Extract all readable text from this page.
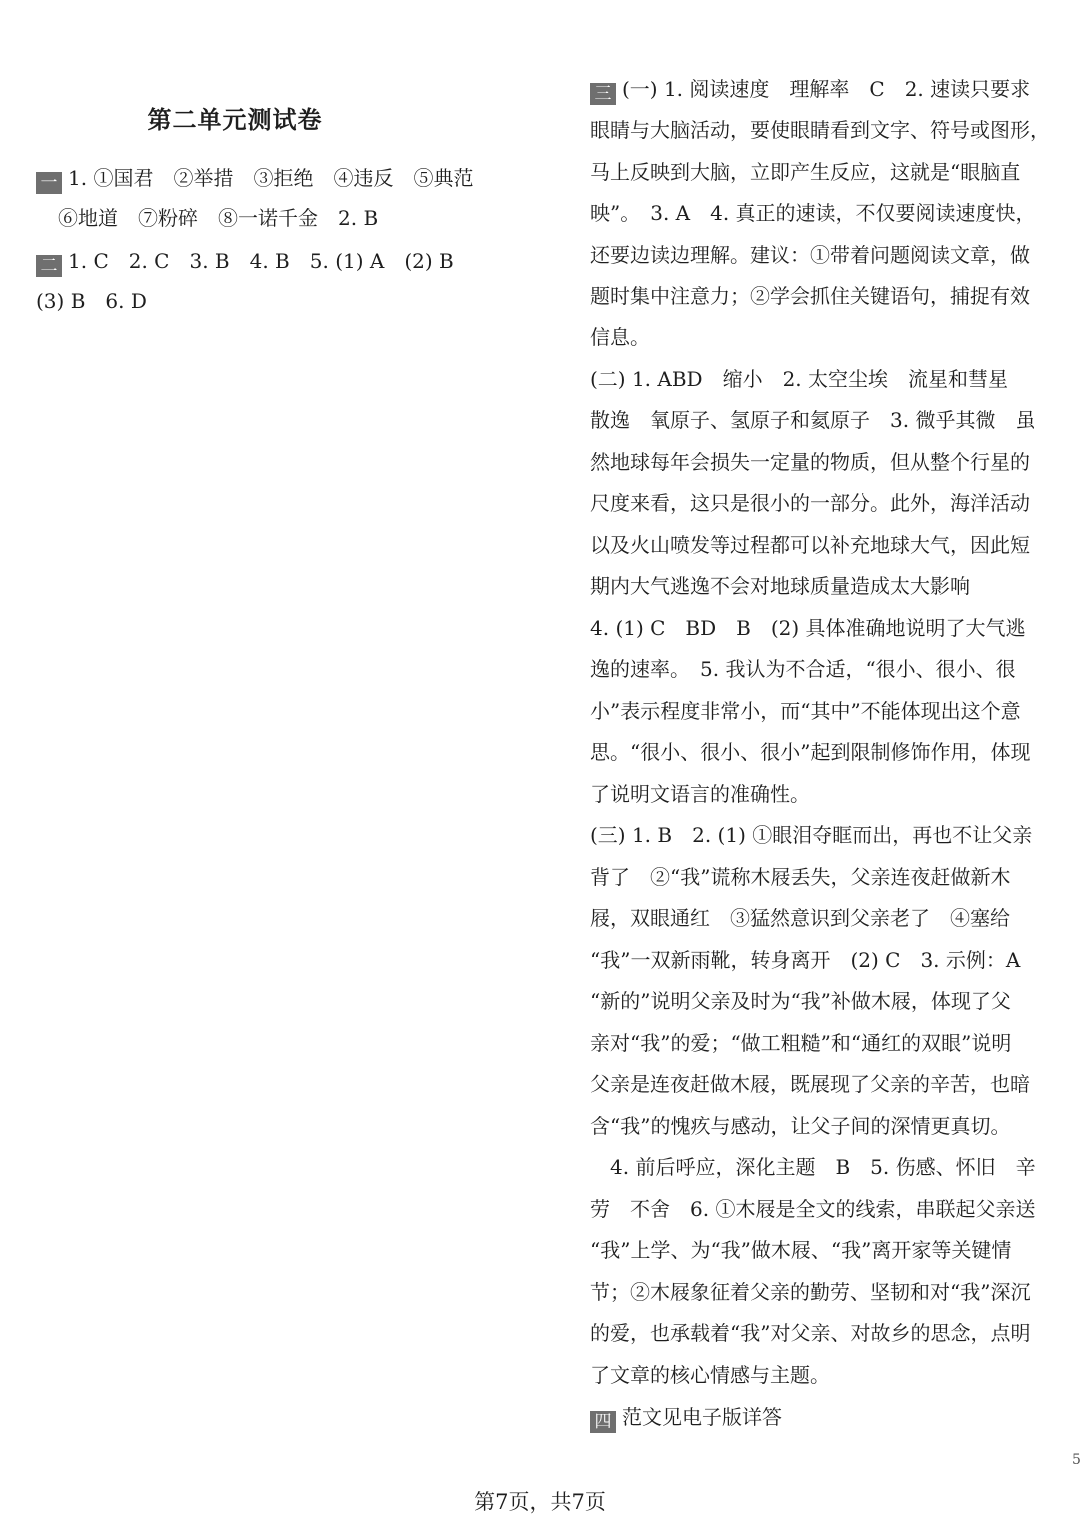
第二单元测试卷
一 1. ①国君　②举措　③拒绝　④违反　⑤典范
⑥地道　⑦粉碎　⑧一诺千金　2. B
二 1. C　2. C　3. B　4. B　5. (1) A　(2) B
(3) B　6. D
三 (一) 1. 阅读速度　理解率　C　2. 速读只要求
眼睛与大脑活动，要使眼睛看到文字、符号或图形，
马上反映到大脑，立即产生反应，这就是“眼脑直
映”。　3. A　4. 真正的速读，不仅要阅读速度快，
还要边读边理解。建议：①带着问题阅读文章，做
题时集中注意力；②学会抓住关键语句，捕捉有效
信息。
(二) 1. ABD　缩小　2. 太空尘埃　流星和彗星
散逸　氧原子、氢原子和氦原子　3. 微乎其微　虽
然地球每年会损失一定量的物质，但从整个行星的
尺度来看，这只是很小的一部分。此外，海洋活动
以及火山喷发等过程都可以补充地球大气，因此短
期内大气逃逸不会对地球质量造成太大影响
4. (1) C　BD　B　(2) 具体准确地说明了大气逃
逸的速率。　5. 我认为不合适，“很小、很小、很
小”表示程度非常小，而“其中”不能体现出这个意
思。“很小、很小、很小”起到限制修饰作用，体现
了说明文语言的准确性。
(三) 1. B　2. (1) ①眼泪夺眶而出，再也不让父亲
背了　②“我”谎称木屐丢失，父亲连夜赶做新木
屐，双眼通红　③猛然意识到父亲老了　④塞给
“我”一双新雨靴，转身离开　(2) C　3. 示例：A
“新的”说明父亲及时为“我”补做木屐，体现了父
亲对“我”的爱；“做工粗糙”和“通红的双眼”说明
父亲是连夜赶做木屐，既展现了父亲的辛苦，也暗
含“我”的愧疚与感动，让父子间的深情更真切。
　4. 前后呼应，深化主题　B　5. 伤感、怀旧　辛
劳　不舍　6. ①木屐是全文的线索，串联起父亲送
“我”上学、为“我”做木屐、“我”离开家等关键情
节；②木屐象征着父亲的勤劳、坚韧和对“我”深沉
的爱，也承载着“我”对父亲、对故乡的思念，点明
了文章的核心情感与主题。
四 范文见电子版详答
5
第7页，共7页
